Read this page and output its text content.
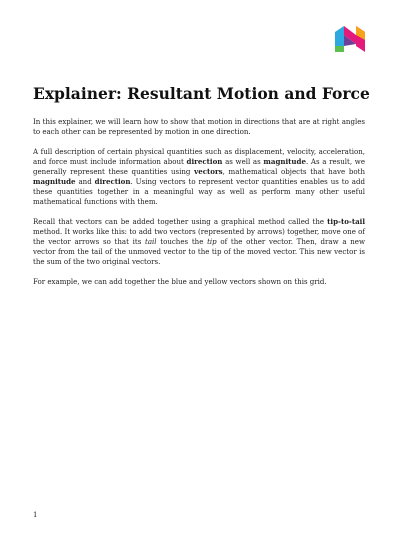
Explainer: Resultant Motion and Force

In this explainer, we will learn how to show that motion in directions that are at right angles to each other can be represented by motion in one direction.

A full description of certain physical quantities such as displacement, velocity, acceleration, and force must include information about direction as well as magnitude. As a result, we generally represent these quantities using vectors, mathematical objects that have both magnitude and direction. Using vectors to represent vector quantities enables us to add these quantities together in a meaningful way as well as perform many other useful mathematical functions with them.

Recall that vectors can be added together using a graphical method called the tip-to-tail method. It works like this: to add two vectors (represented by arrows) together, move one of the vector arrows so that its tail touches the tip of the other vector. Then, draw a new vector from the tail of the unmoved vector to the tip of the moved vector. This new vector is the sum of the two original vectors.

For example, we can add together the blue and yellow vectors shown on this grid.

1
